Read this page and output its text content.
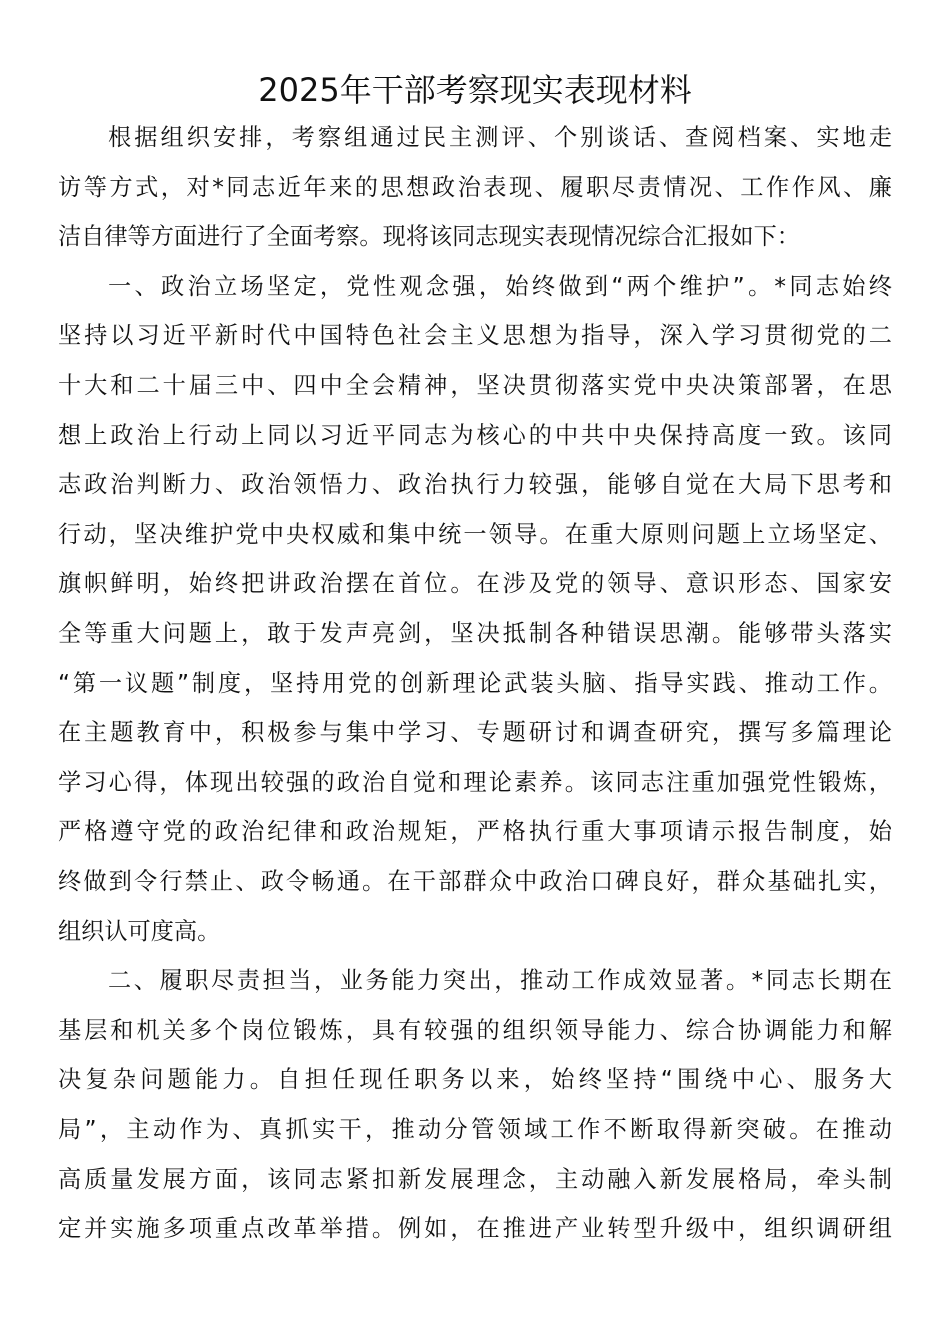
2025年干部考察现实表现材料
根据组织安排，考察组通过民主测评、个别谈话、查阅档案、实地走
访等方式，对*同志近年来的思想政治表现、履职尽责情况、工作作风、廉
洁自律等方面进行了全面考察。现将该同志现实表现情况综合汇报如下：
一、政治立场坚定，党性观念强，始终做到“两个维护”。*同志始终
坚持以习近平新时代中国特色社会主义思想为指导，深入学习贯彻党的二
十大和二十届三中、四中全会精神，坚决贯彻落实党中央决策部署，在思
想上政治上行动上同以习近平同志为核心的中共中央保持高度一致。该同
志政治判断力、政治领悟力、政治执行力较强，能够自觉在大局下思考和
行动，坚决维护党中央权威和集中统一领导。在重大原则问题上立场坚定、
旗帜鲜明，始终把讲政治摆在首位。在涉及党的领导、意识形态、国家安
全等重大问题上，敢于发声亮剑，坚决抵制各种错误思潮。能够带头落实
“第一议题”制度，坚持用党的创新理论武装头脑、指导实践、推动工作。
在主题教育中，积极参与集中学习、专题研讨和调查研究，撰写多篇理论
学习心得，体现出较强的政治自觉和理论素养。该同志注重加强党性锻炼，
严格遵守党的政治纪律和政治规矩，严格执行重大事项请示报告制度，始
终做到令行禁止、政令畅通。在干部群众中政治口碑良好，群众基础扎实，
组织认可度高。
二、履职尽责担当，业务能力突出，推动工作成效显著。*同志长期在
基层和机关多个岗位锻炼，具有较强的组织领导能力、综合协调能力和解
决复杂问题能力。自担任现任职务以来，始终坚持“围绕中心、服务大
局”，主动作为、真抓实干，推动分管领域工作不断取得新突破。在推动
高质量发展方面，该同志紧扣新发展理念，主动融入新发展格局，牵头制
定并实施多项重点改革举措。例如，在推进产业转型升级中，组织调研组
